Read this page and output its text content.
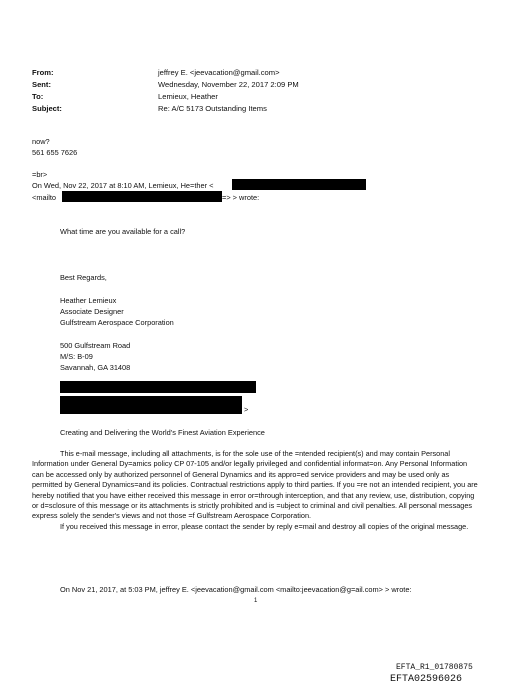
From:	jeffrey E. <jeevacation@gmail.com>
Sent:	Wednesday, November 22, 2017 2:09 PM
To:	Lemieux, Heather
Subject:	Re: A/C 5173 Outstanding Items
now?
561 655 7626
=br>
On Wed, Nov 22, 2017 at 8:10 AM, Lemieux, He=ther <
<mailto	=> > wrote:
What time are you available for a call?
Best Regards,
Heather Lemieux
Associate Designer
Gulfstream Aerospace Corporation
500 Gulfstream Road
M/S: B-09
Savannah, GA 31408
>
Creating and Delivering the World's Finest Aviation Experience

This e-mail message, including all attachments, is for the sole use of the =ntended recipient(s) and may contain Personal Information under General Dy=amics policy CP 07-105 and/or legally privileged and confidential informat=on. Any Personal Information can be accessed only by authorized personnel of General Dynamics and its appro=ed service providers and may be used only as permitted by General Dynamics=and its policies. Contractual restrictions apply to third parties. If you =re not an intended recipient, you are hereby notified that you have either received this message in error or=through interception, and that any review, use, distribution, copying or d=sclosure of this message or its attachments is strictly prohibited and is =ubject to criminal and civil penalties. All personal messages express solely the sender's views and not those =f Gulfstream Aerospace Corporation.

If you received this message in error, please contact the sender by reply e=mail and destroy all copies of the original message.

On Nov 21, 2017, at 5:03 PM, jeffrey E. <jeevacation@gmail.com <mailto:jeevacation@g=ail.com> > wrote:
1
EFTA_R1_01780875
EFTA02596026
